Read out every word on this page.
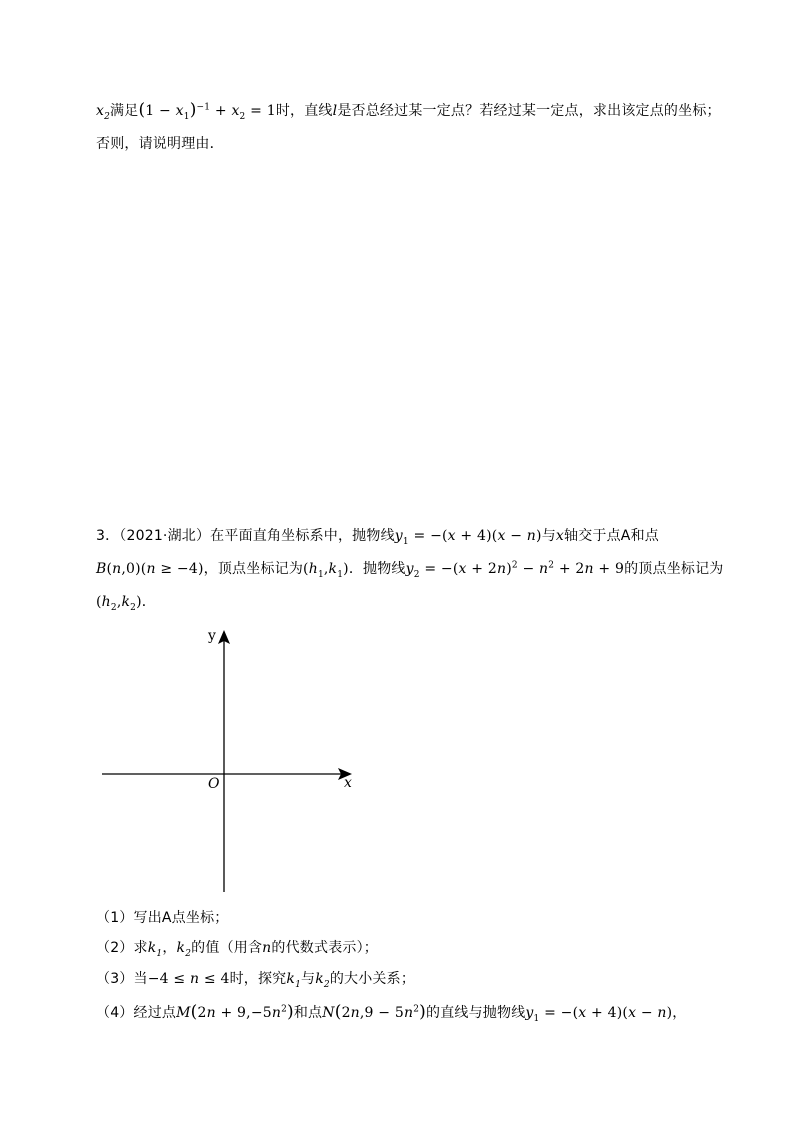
$x_2$满足$(1 - x_1)^{-1} + x_2 = 1$时，直线l是否总经过某一定点？若经过某一定点，求出该定点的坐标；
否则，请说明理由．
3．（2021·湖北）在平面直角坐标系中，抛物线$y_1 = -(x + 4)(x - n)$与x轴交于点A和点
B(n,0)(n ≥ −4)，顶点坐标记为$(h_1,k_1)$．抛物线$y_2 = -(x + 2n)^2 - n^2 + 2n + 9$的顶点坐标记为
$(h_2,k_2)$．
y
x
O
（1）写出A点坐标；
（2）求$k_1$，$k_2$的值（用含n的代数式表示）；
（3）当−4 ≤ n ≤ 4时，探究$k_1$与$k_2$的大小关系；
（4）经过点$M(2n + 9,-5n^2)$和点$N(2n,9 - 5n^2)$的直线与抛物线$y_1 = -(x + 4)(x - n)$，
